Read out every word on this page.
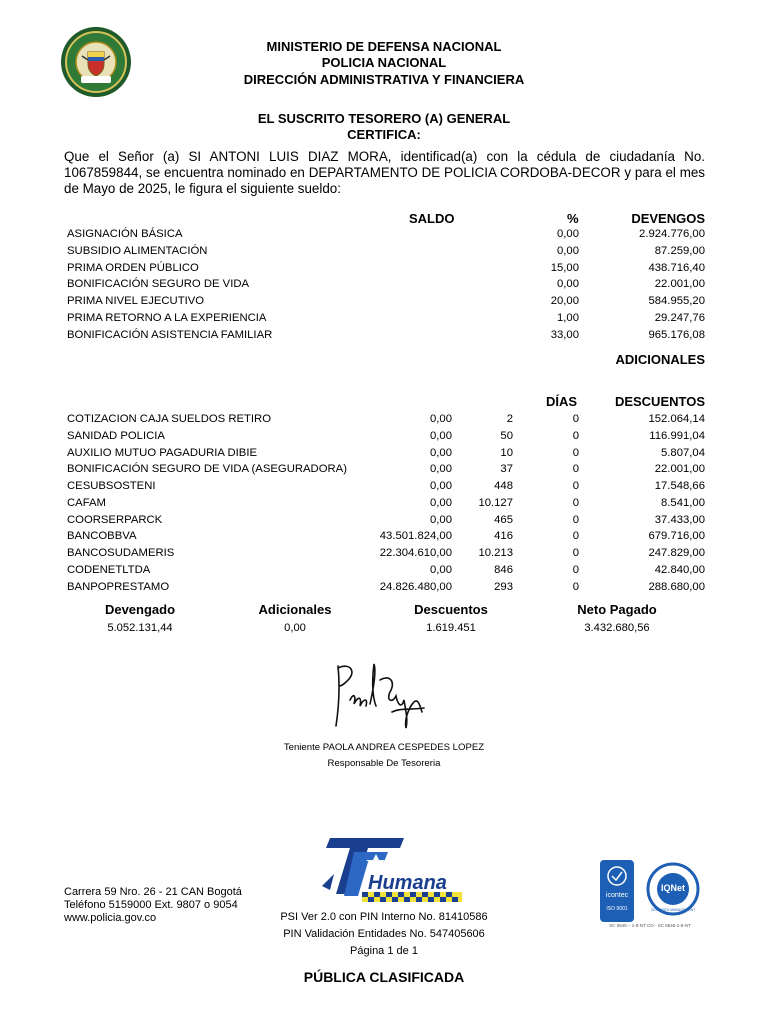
MINISTERIO DE DEFENSA NACIONAL
POLICIA NACIONAL
DIRECCIÓN ADMINISTRATIVA Y FINANCIERA
EL SUSCRITO TESORERO (A) GENERAL
CERTIFICA:
Que el Señor (a) SI ANTONI LUIS DIAZ MORA, identificad(a) con la cédula de ciudadanía No. 1067859844, se encuentra nominado en DEPARTAMENTO DE POLICIA CORDOBA-DECOR y para el mes de Mayo de 2025, le figura el siguiente sueldo:
SALDO	%	DEVENGOS
ASIGNACIÓN BÁSICA	0,00	2.924.776,00
SUBSIDIO ALIMENTACIÓN	0,00	87.259,00
PRIMA ORDEN PÚBLICO	15,00	438.716,40
BONIFICACIÓN SEGURO DE VIDA	0,00	22.001,00
PRIMA NIVEL EJECUTIVO	20,00	584.955,20
PRIMA RETORNO A LA EXPERIENCIA	1,00	29.247,76
BONIFICACIÓN ASISTENCIA FAMILIAR	33,00	965.176,08
ADICIONALES
DÍAS	DESCUENTOS
COTIZACION CAJA SUELDOS RETIRO	0,00	2	0	152.064,14
SANIDAD POLICIA	0,00	50	0	116.991,04
AUXILIO MUTUO PAGADURIA DIBIE	0,00	10	0	5.807,04
BONIFICACIÓN SEGURO DE VIDA (ASEGURADORA)	0,00	37	0	22.001,00
CESUBSOSTENI	0,00	448	0	17.548,66
CAFAM	0,00	10.127	0	8.541,00
COORSERPARCK	0,00	465	0	37.433,00
BANCOBBVA	43.501.824,00	416	0	679.716,00
BANCOSUDAMERIS	22.304.610,00	10.213	0	247.829,00
CODENETLTDA	0,00	846	0	42.840,00
BANPOPRESTAMO	24.826.480,00	293	0	288.680,00
Devengado	Adicionales	Descuentos	Neto Pagado
5.052.131,44	0,00	1.619.451	3.432.680,56
Teniente PAOLA ANDREA CESPEDES LOPEZ
Responsable De Tesoreria
Carrera 59 Nro. 26 - 21 CAN Bogotá
Teléfono 5159000 Ext. 9807 o 9054
www.policia.gov.co
Humana
PSI Ver 2.0 con PIN Interno No. 81410586
PIN Validación Entidades No. 547405606
Página 1 de 1
icontec
ISO 9001
IQNet
CERTIFIED MANAGEMENT SYSTEM
SC 6545 – 1-8-NT CO - SC 6545-1-8-NT
PÚBLICA CLASIFICADA
